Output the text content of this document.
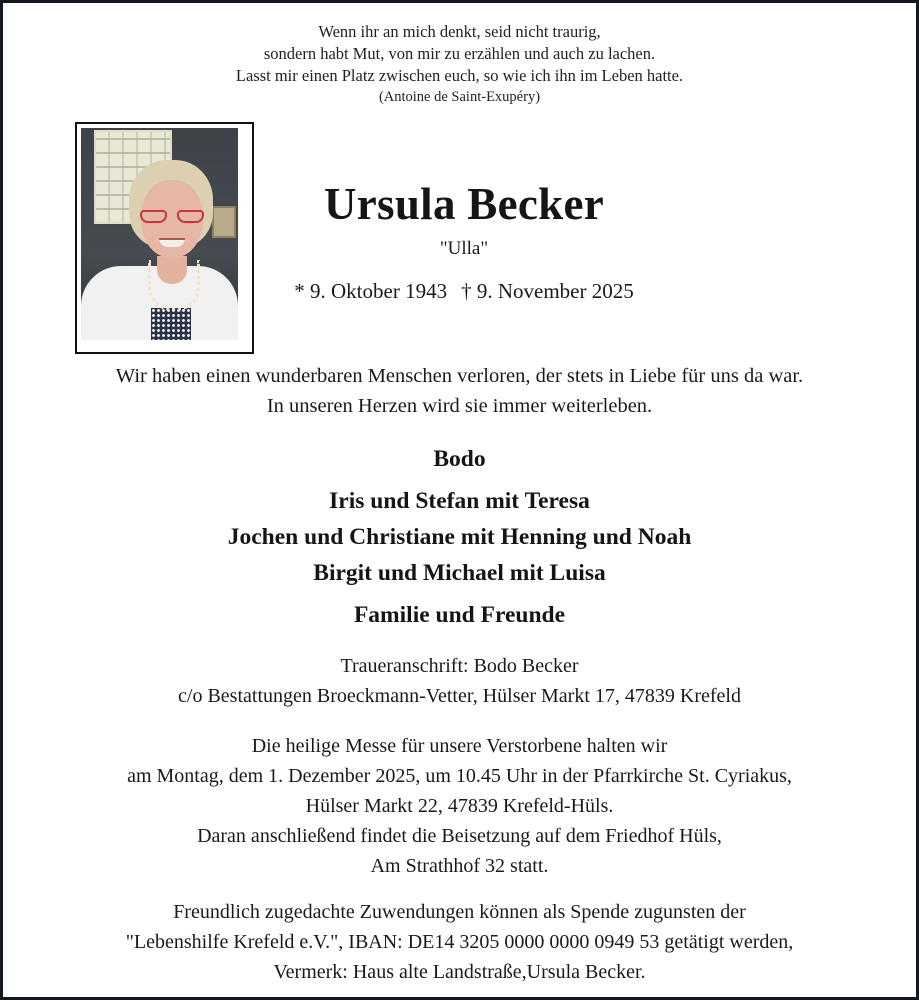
Wenn ihr an mich denkt, seid nicht traurig,
sondern habt Mut, von mir zu erzählen und auch zu lachen.
Lasst mir einen Platz zwischen euch, so wie ich ihn im Leben hatte.
(Antoine de Saint-Exupéry)
Ursula Becker
"Ulla"
* 9. Oktober 1943 † 9. November 2025
Wir haben einen wunderbaren Menschen verloren, der stets in Liebe für uns da war.
In unseren Herzen wird sie immer weiterleben.
Bodo
Iris und Stefan mit Teresa
Jochen und Christiane mit Henning und Noah
Birgit und Michael mit Luisa
Familie und Freunde
Traueranschrift: Bodo Becker
c/o Bestattungen Broeckmann-Vetter, Hülser Markt 17, 47839 Krefeld
Die heilige Messe für unsere Verstorbene halten wir
am Montag, dem 1. Dezember 2025, um 10.45 Uhr in der Pfarrkirche St. Cyriakus,
Hülser Markt 22, 47839 Krefeld-Hüls.
Daran anschließend findet die Beisetzung auf dem Friedhof Hüls,
Am Strathhof 32 statt.
Freundlich zugedachte Zuwendungen können als Spende zugunsten der
"Lebenshilfe Krefeld e.V.", IBAN: DE14 3205 0000 0000 0949 53 getätigt werden,
Vermerk: Haus alte Landstraße,Ursula Becker.
